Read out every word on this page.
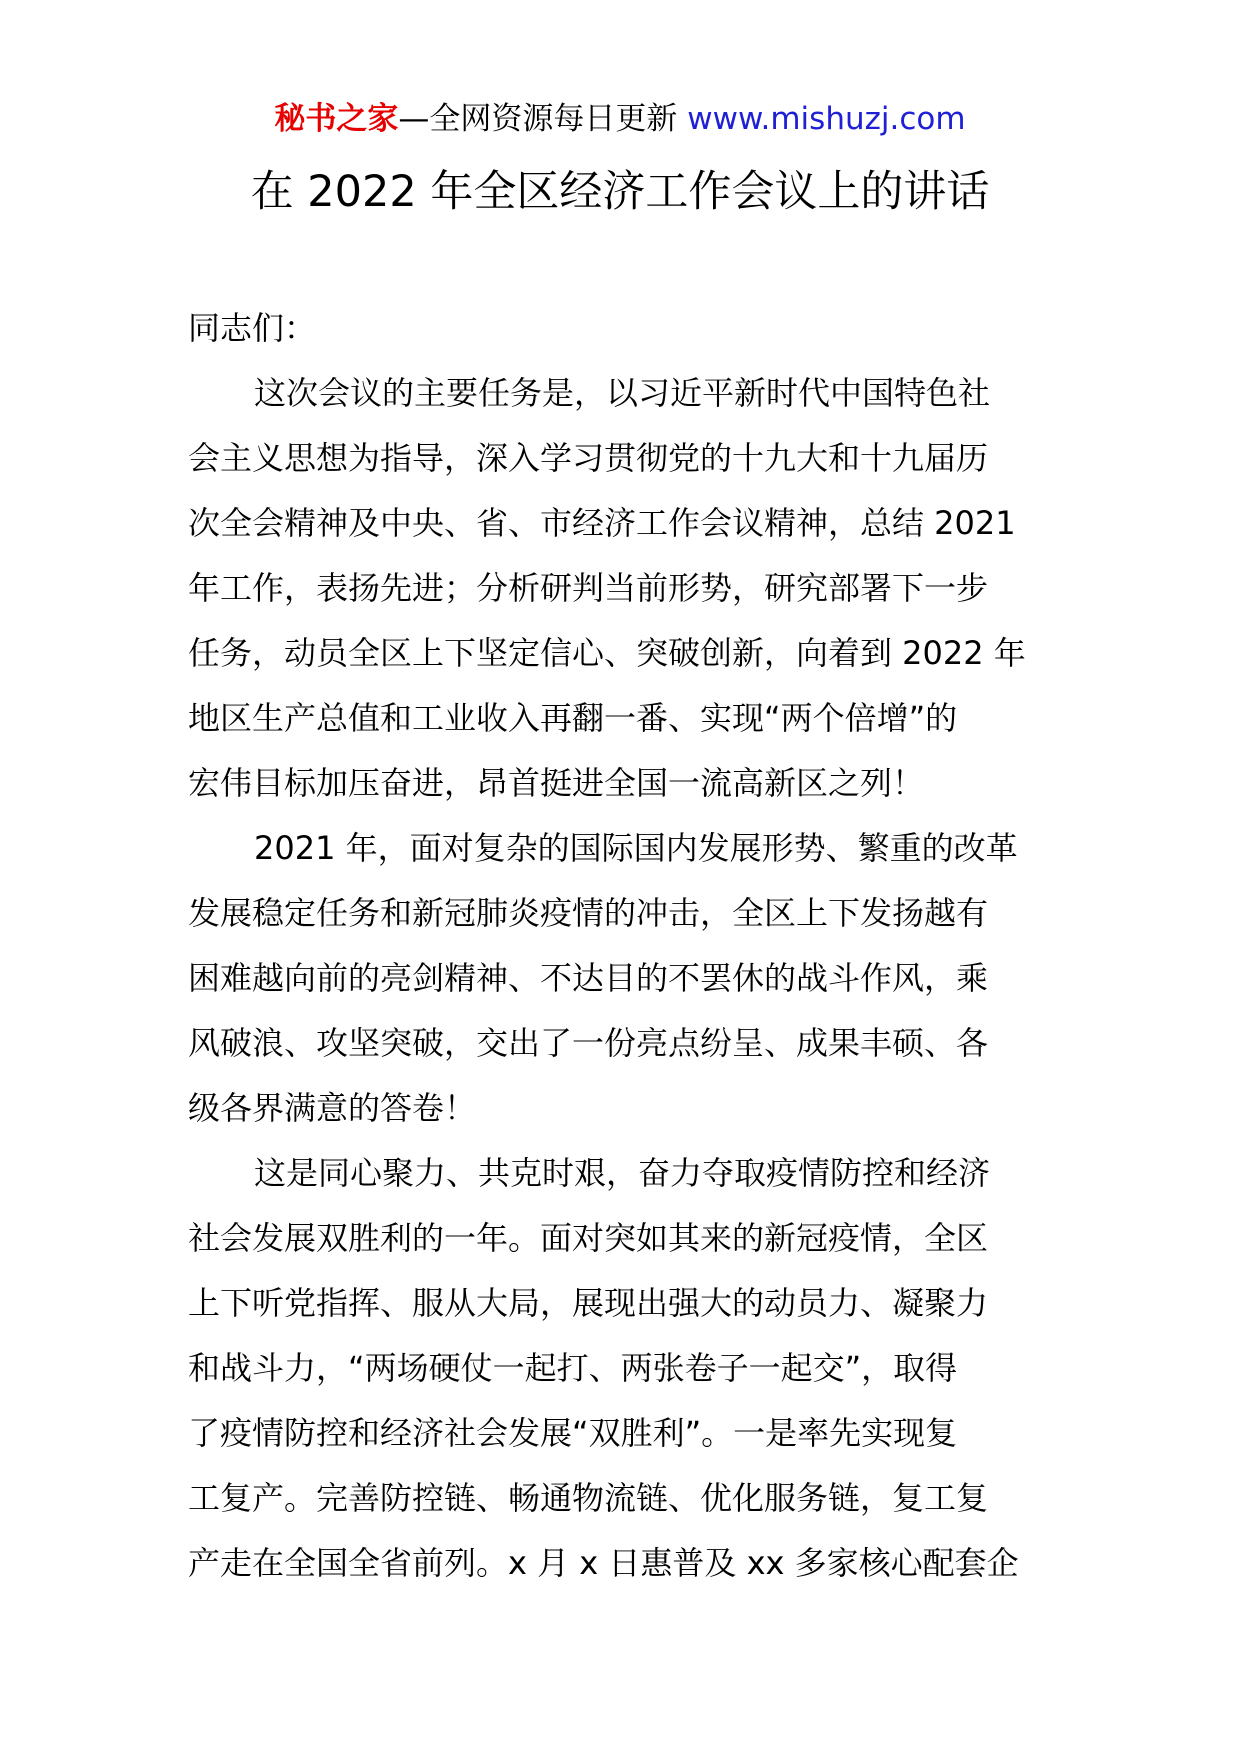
秘书之家—全网资源每日更新 www.mishuzj.com
在 2022 年全区经济工作会议上的讲话
同志们：
这次会议的主要任务是，以习近平新时代中国特色社
会主义思想为指导，深入学习贯彻党的十九大和十九届历
次全会精神及中央、省、市经济工作会议精神，总结 2021
年工作，表扬先进；分析研判当前形势，研究部署下一步
任务，动员全区上下坚定信心、突破创新，向着到 2022 年
地区生产总值和工业收入再翻一番、实现“两个倍增”的
宏伟目标加压奋进，昂首挺进全国一流高新区之列！
2021 年，面对复杂的国际国内发展形势、繁重的改革
发展稳定任务和新冠肺炎疫情的冲击，全区上下发扬越有
困难越向前的亮剑精神、不达目的不罢休的战斗作风，乘
风破浪、攻坚突破，交出了一份亮点纷呈、成果丰硕、各
级各界满意的答卷！
这是同心聚力、共克时艰，奋力夺取疫情防控和经济
社会发展双胜利的一年。面对突如其来的新冠疫情，全区
上下听党指挥、服从大局，展现出强大的动员力、凝聚力
和战斗力，“两场硬仗一起打、两张卷子一起交”，取得
了疫情防控和经济社会发展“双胜利”。一是率先实现复
工复产。完善防控链、畅通物流链、优化服务链，复工复
产走在全国全省前列。x 月 x 日惠普及 xx 多家核心配套企
